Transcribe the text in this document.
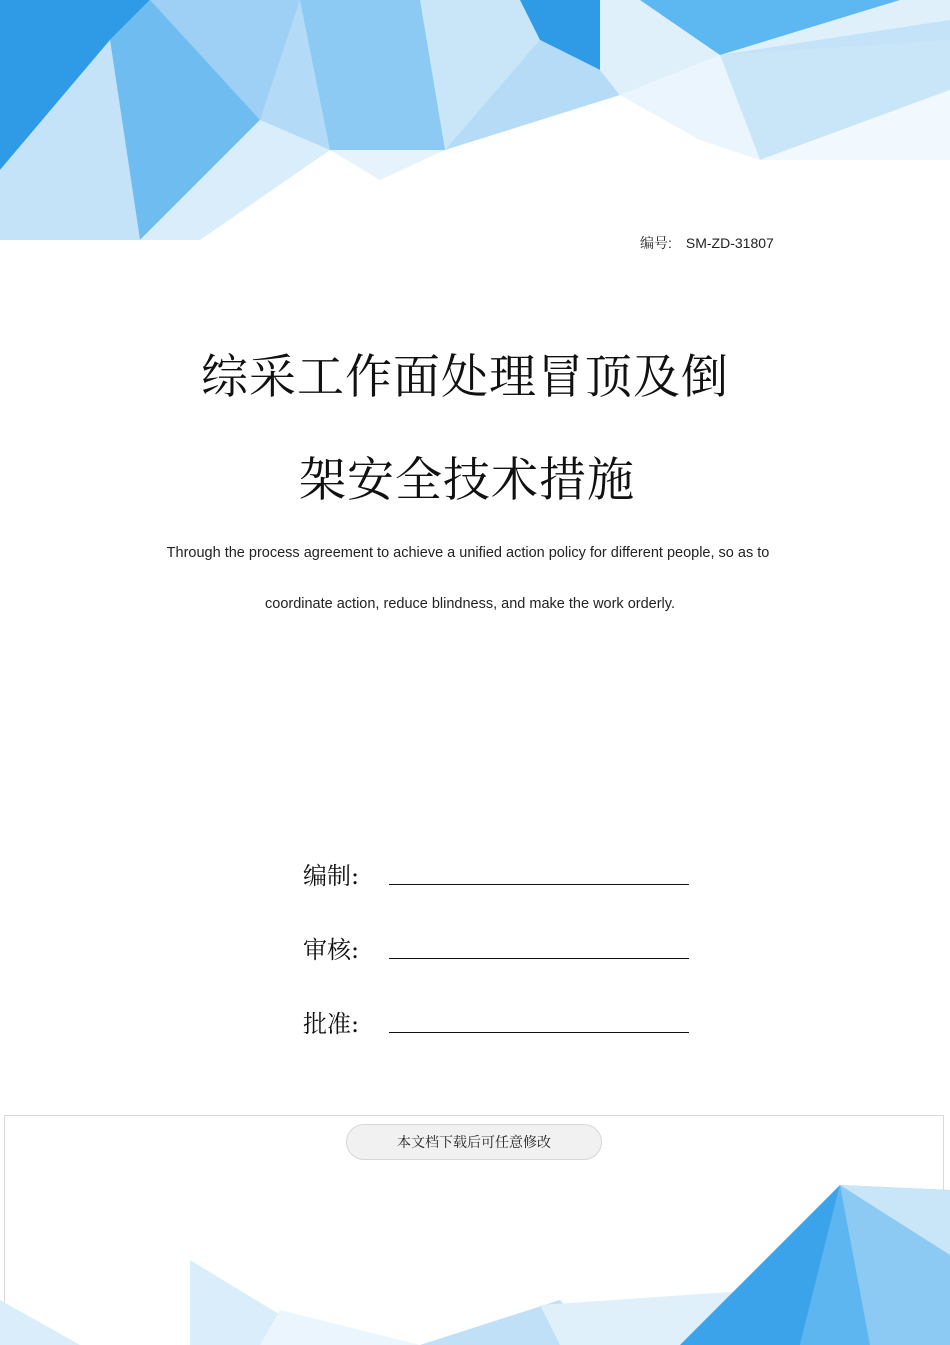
编号: SM-ZD-31807
综采工作面处理冒顶及倒
架安全技术措施
Through the process agreement to achieve a unified action policy for different people, so as to
coordinate action, reduce blindness, and make the work orderly.
编制:
审核:
批准:
本文档下载后可任意修改
